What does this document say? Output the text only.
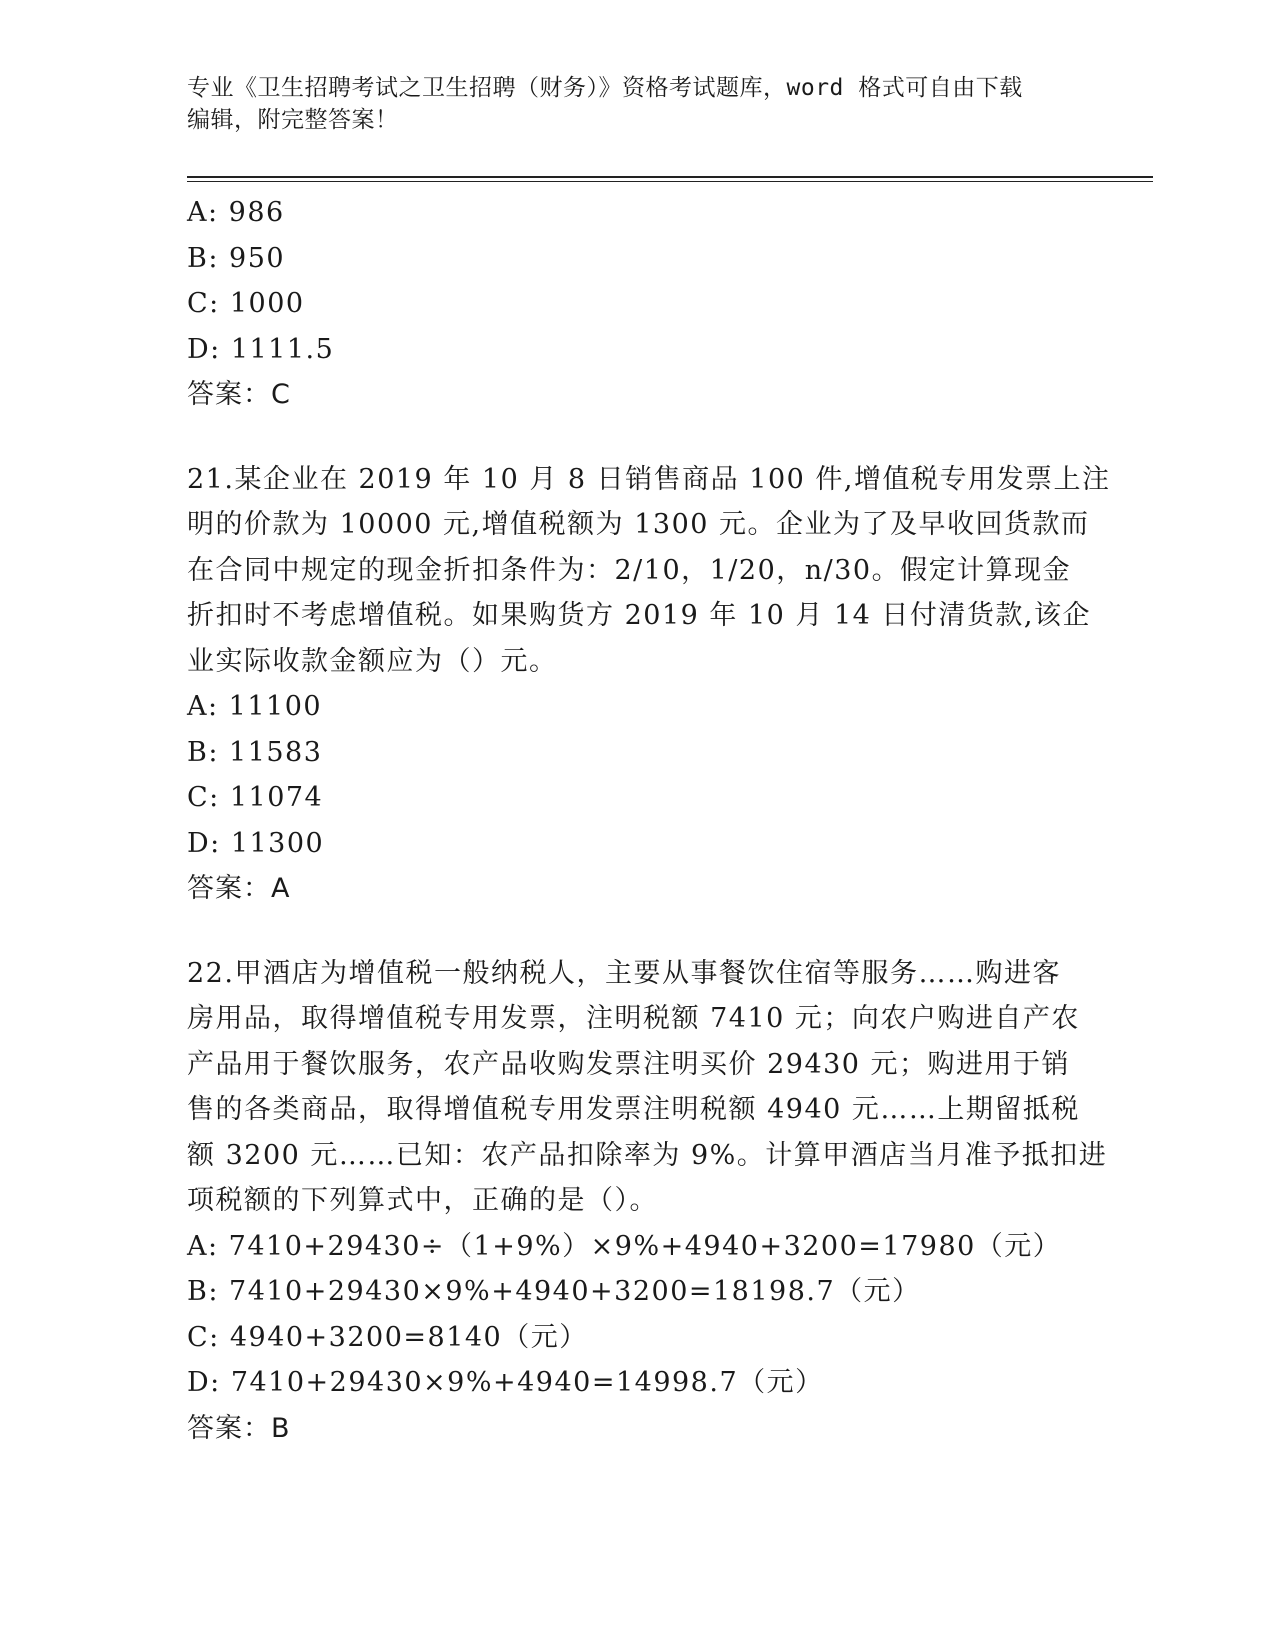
专业《卫生招聘考试之卫生招聘（财务）》资格考试题库，word 格式可自由下载
编辑，附完整答案！
A: 986
B: 950
C: 1000
D: 1111.5
答案：C
21.某企业在 2019 年 10 月 8 日销售商品 100 件,增值税专用发票上注
明的价款为 10000 元,增值税额为 1300 元。企业为了及早收回货款而
在合同中规定的现金折扣条件为：2/10，1/20，n/30。假定计算现金
折扣时不考虑增值税。如果购货方 2019 年 10 月 14 日付清货款,该企
业实际收款金额应为（）元。
A: 11100
B: 11583
C: 11074
D: 11300
答案：A
22.甲酒店为增值税一般纳税人，主要从事餐饮住宿等服务……购进客
房用品，取得增值税专用发票，注明税额 7410 元；向农户购进自产农
产品用于餐饮服务，农产品收购发票注明买价 29430 元；购进用于销
售的各类商品，取得增值税专用发票注明税额 4940 元……上期留抵税
额 3200 元……已知：农产品扣除率为 9%。计算甲酒店当月准予抵扣进
项税额的下列算式中，正确的是（）。
A: 7410+29430÷（1+9%）×9%+4940+3200=17980（元）
B: 7410+29430×9%+4940+3200=18198.7（元）
C: 4940+3200=8140（元）
D: 7410+29430×9%+4940=14998.7（元）
答案：B
